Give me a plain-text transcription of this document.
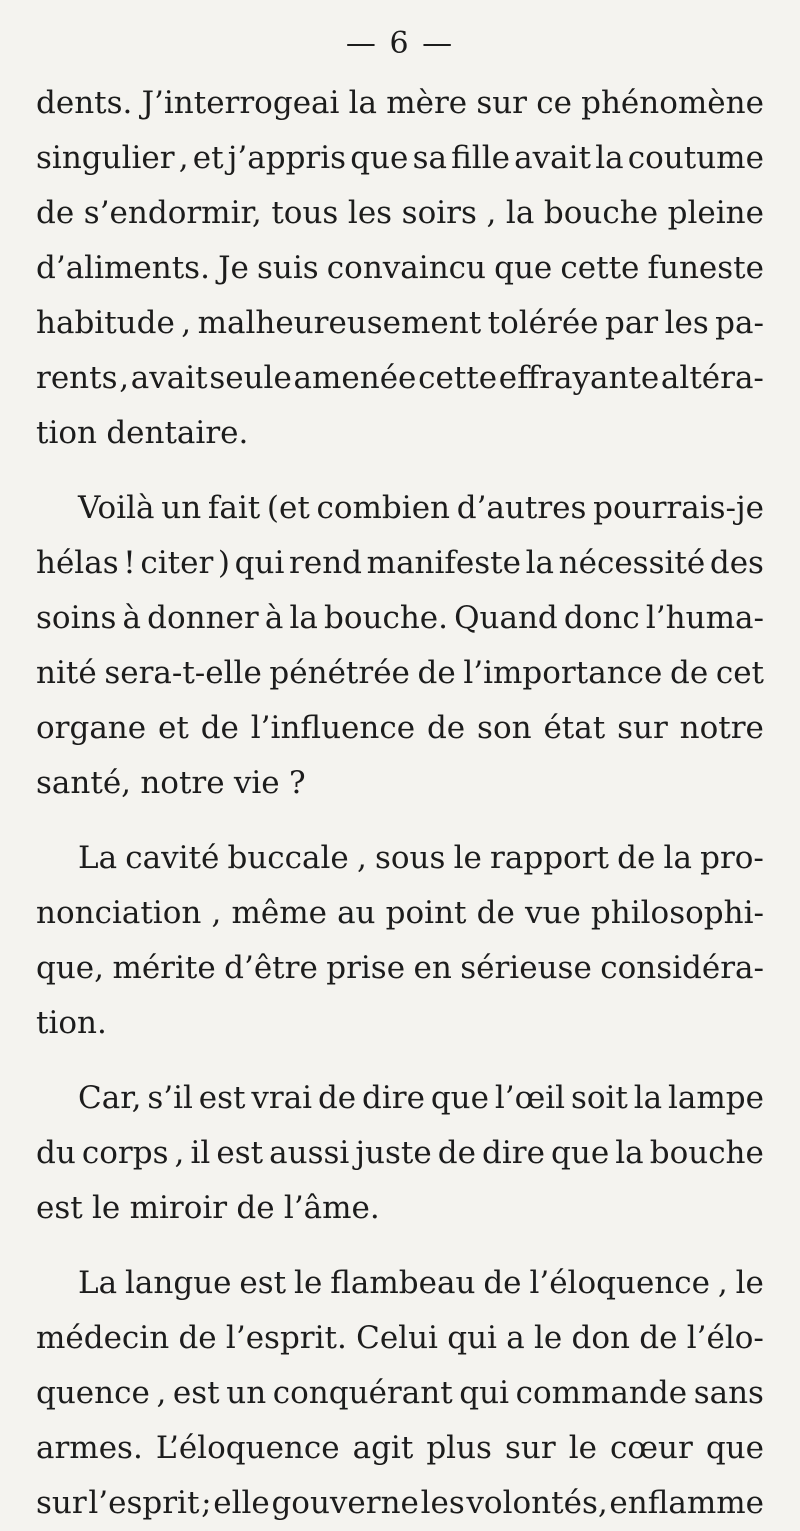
— 6 —
dents. J’interrogeai la mère sur ce phénomène
singulier , et j’appris que sa fille avait la coutume
de s’endormir, tous les soirs , la bouche pleine
d’aliments. Je suis convaincu que cette funeste
habitude , malheureusement tolérée par les pa-
rents , avait seule amenée cette effrayante altéra-
tion dentaire.
Voilà un fait (et combien d’autres pourrais-je
hélas ! citer ) qui rend manifeste la nécessité des
soins à donner à la bouche. Quand donc l’huma-
nité sera-t-elle pénétrée de l’importance de cet
organe et de l’influence de son état sur notre
santé, notre vie ?
La cavité buccale , sous le rapport de la pro-
nonciation , même au point de vue philosophi-
que, mérite d’être prise en sérieuse considéra-
tion.
Car, s’il est vrai de dire que l’œil soit la lampe
du corps , il est aussi juste de dire que la bouche
est le miroir de l’âme.
La langue est le flambeau de l’éloquence , le
médecin de l’esprit. Celui qui a le don de l’élo-
quence , est un conquérant qui commande sans
armes. L’éloquence agit plus sur le cœur que
sur l’esprit ; elle gouverne les volontés, enflamme
